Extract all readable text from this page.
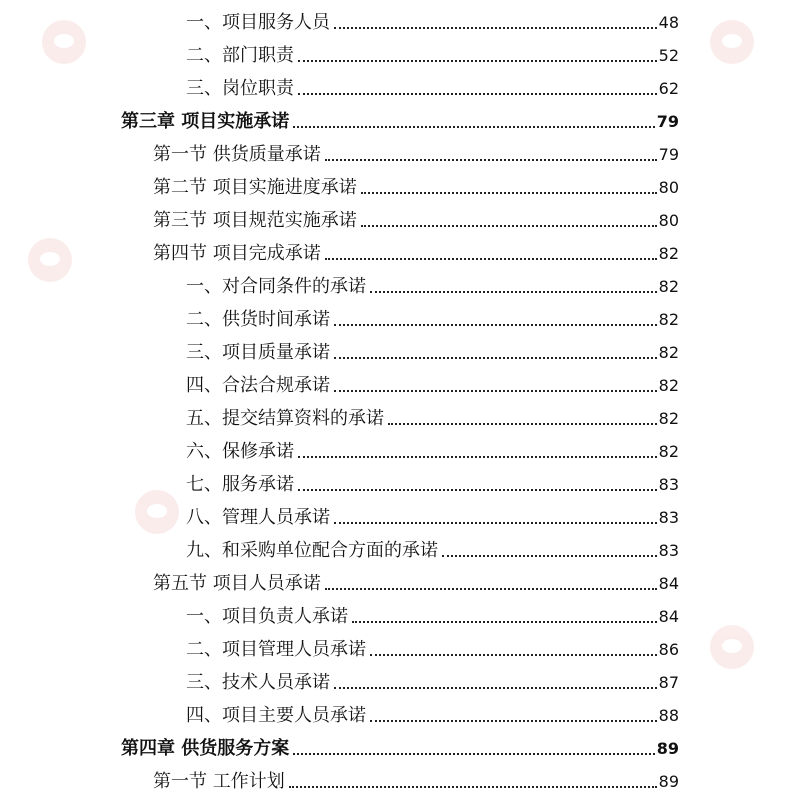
一、项目服务人员	48
二、部门职责	52
三、岗位职责	62
第三章 项目实施承诺	79
第一节 供货质量承诺	79
第二节 项目实施进度承诺	80
第三节 项目规范实施承诺	80
第四节 项目完成承诺	82
一、对合同条件的承诺	82
二、供货时间承诺	82
三、项目质量承诺	82
四、合法合规承诺	82
五、提交结算资料的承诺	82
六、保修承诺	82
七、服务承诺	83
八、管理人员承诺	83
九、和采购单位配合方面的承诺	83
第五节 项目人员承诺	84
一、项目负责人承诺	84
二、项目管理人员承诺	86
三、技术人员承诺	87
四、项目主要人员承诺	88
第四章 供货服务方案	89
第一节 工作计划	89
